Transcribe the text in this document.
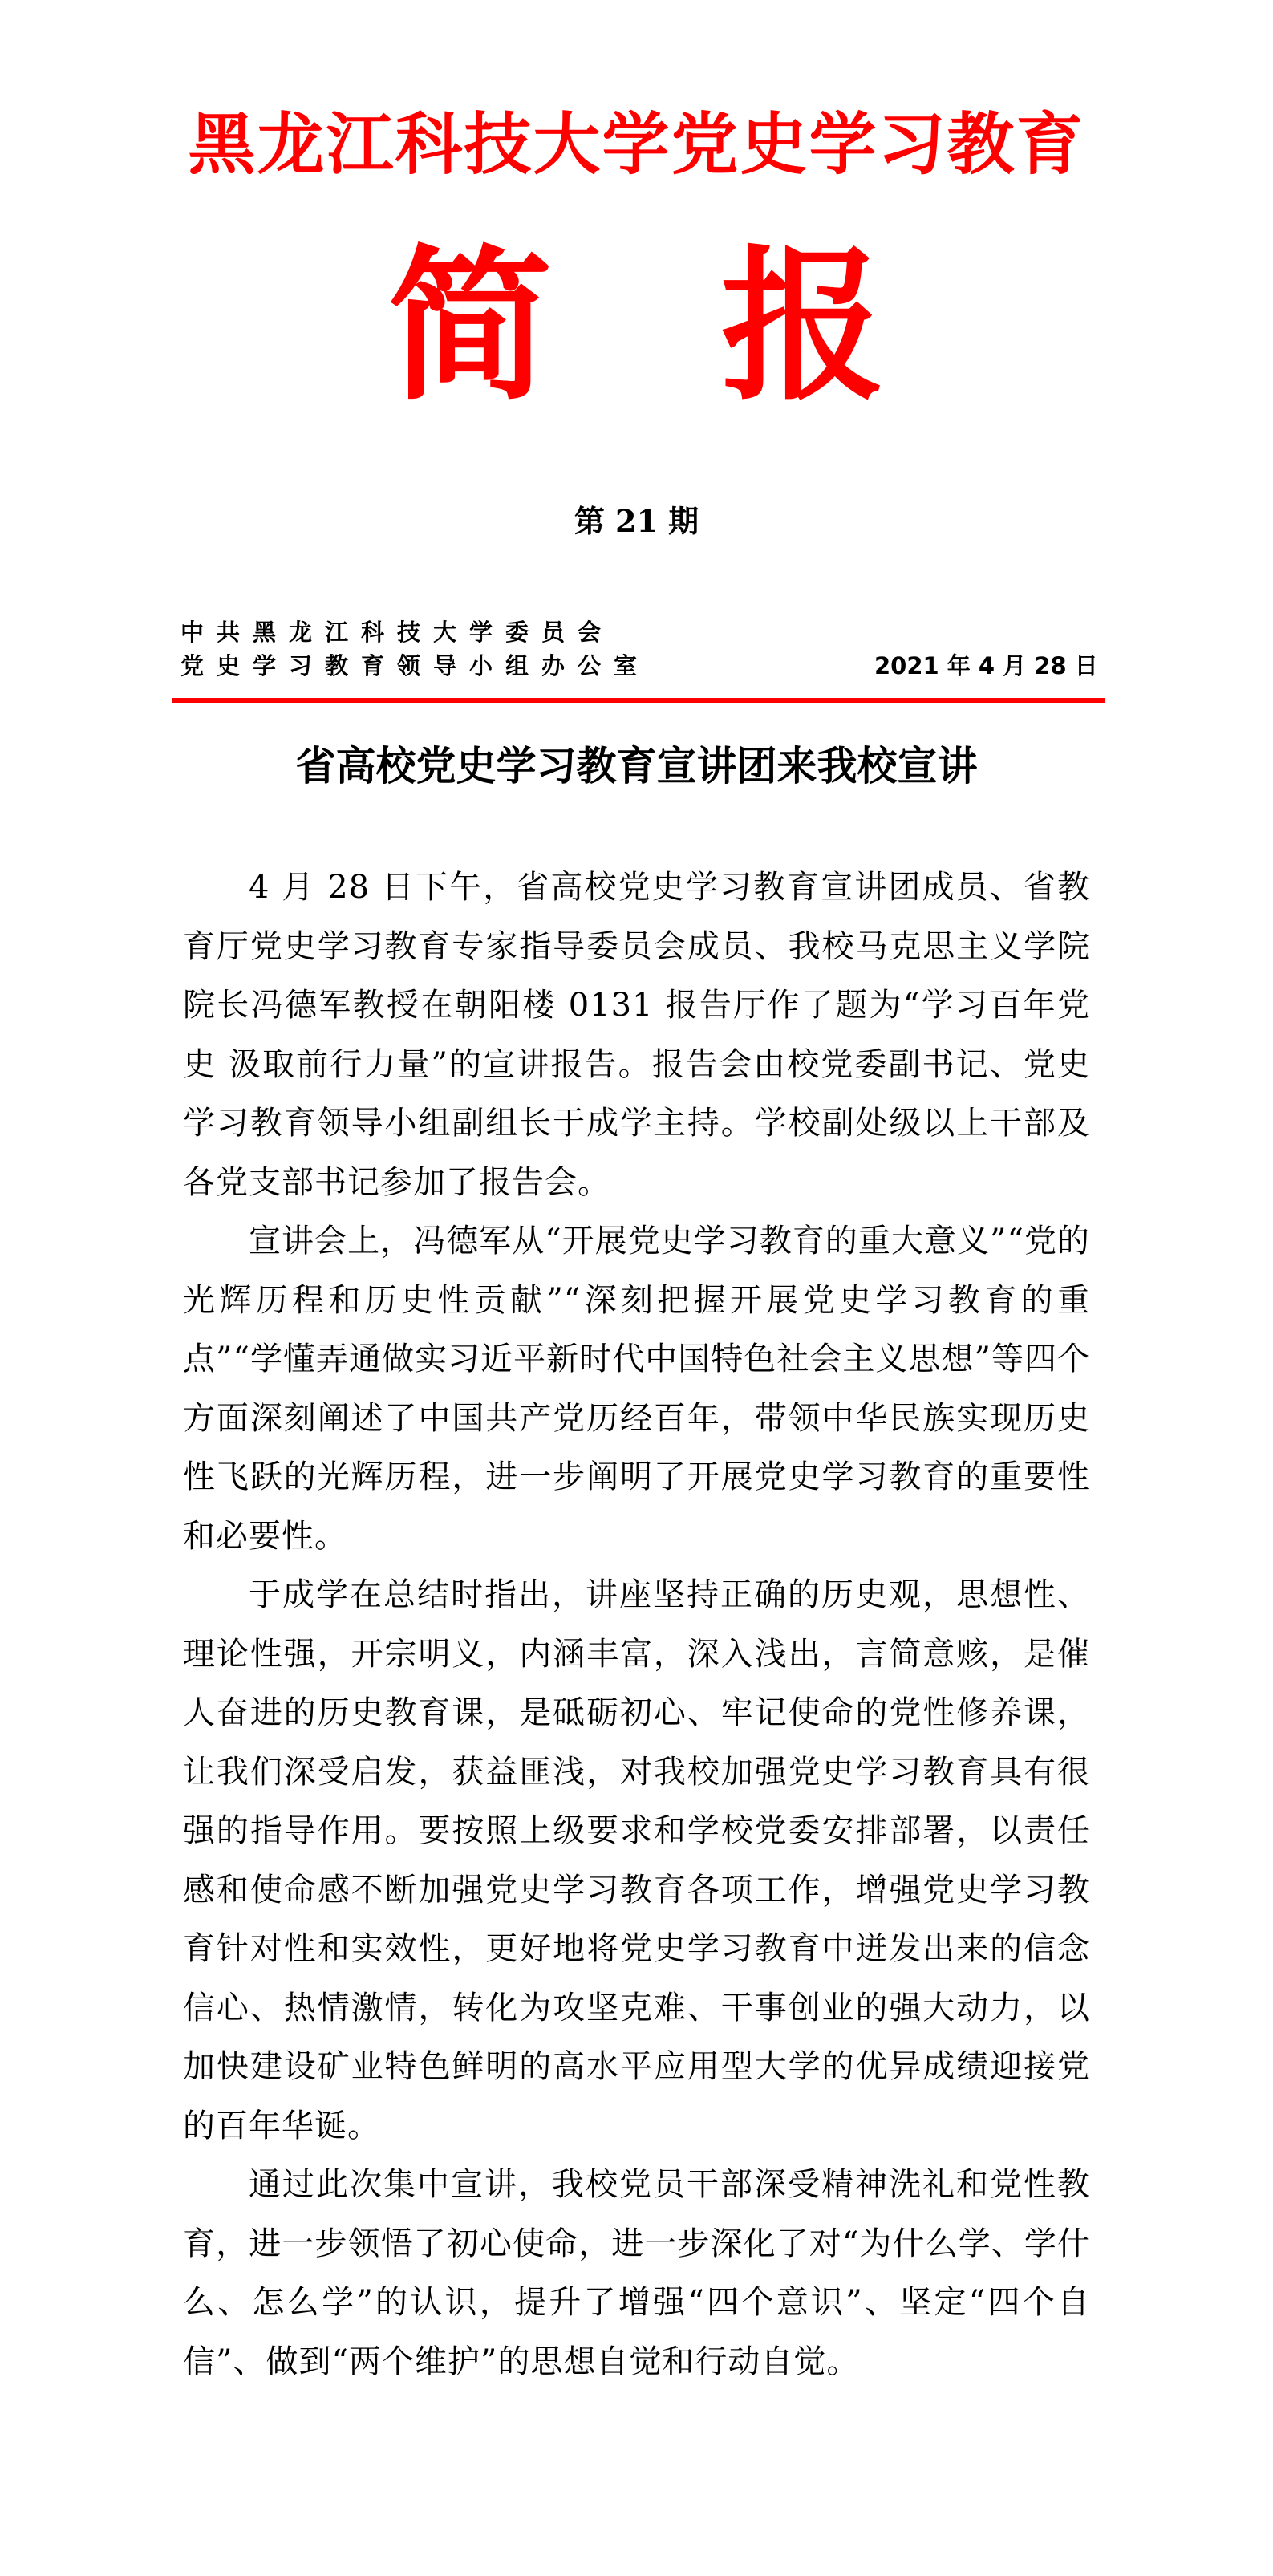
黑龙江科技大学党史学习教育
简报
第 21 期
中共黑龙江科技大学委员会
党史学习教育领导小组办公室	2021 年 4 月 28 日
省高校党史学习教育宣讲团来我校宣讲

4 月 28 日下午，省高校党史学习教育宣讲团成员、省教育厅党史学习教育专家指导委员会成员、我校马克思主义学院院长冯德军教授在朝阳楼 0131 报告厅作了题为“学习百年党史 汲取前行力量”的宣讲报告。报告会由校党委副书记、党史学习教育领导小组副组长于成学主持。学校副处级以上干部及各党支部书记参加了报告会。

宣讲会上，冯德军从“开展党史学习教育的重大意义”“党的光辉历程和历史性贡献”“深刻把握开展党史学习教育的重点”“学懂弄通做实习近平新时代中国特色社会主义思想”等四个方面深刻阐述了中国共产党历经百年，带领中华民族实现历史性飞跃的光辉历程，进一步阐明了开展党史学习教育的重要性和必要性。

于成学在总结时指出，讲座坚持正确的历史观，思想性、理论性强，开宗明义，内涵丰富，深入浅出，言简意赅，是催人奋进的历史教育课，是砥砺初心、牢记使命的党性修养课，让我们深受启发，获益匪浅，对我校加强党史学习教育具有很强的指导作用。要按照上级要求和学校党委安排部署，以责任感和使命感不断加强党史学习教育各项工作，增强党史学习教育针对性和实效性，更好地将党史学习教育中迸发出来的信念信心、热情激情，转化为攻坚克难、干事创业的强大动力，以加快建设矿业特色鲜明的高水平应用型大学的优异成绩迎接党的百年华诞。

通过此次集中宣讲，我校党员干部深受精神洗礼和党性教育，进一步领悟了初心使命，进一步深化了对“为什么学、学什么、怎么学”的认识，提升了增强“四个意识”、坚定“四个自信”、做到“两个维护”的思想自觉和行动自觉。
